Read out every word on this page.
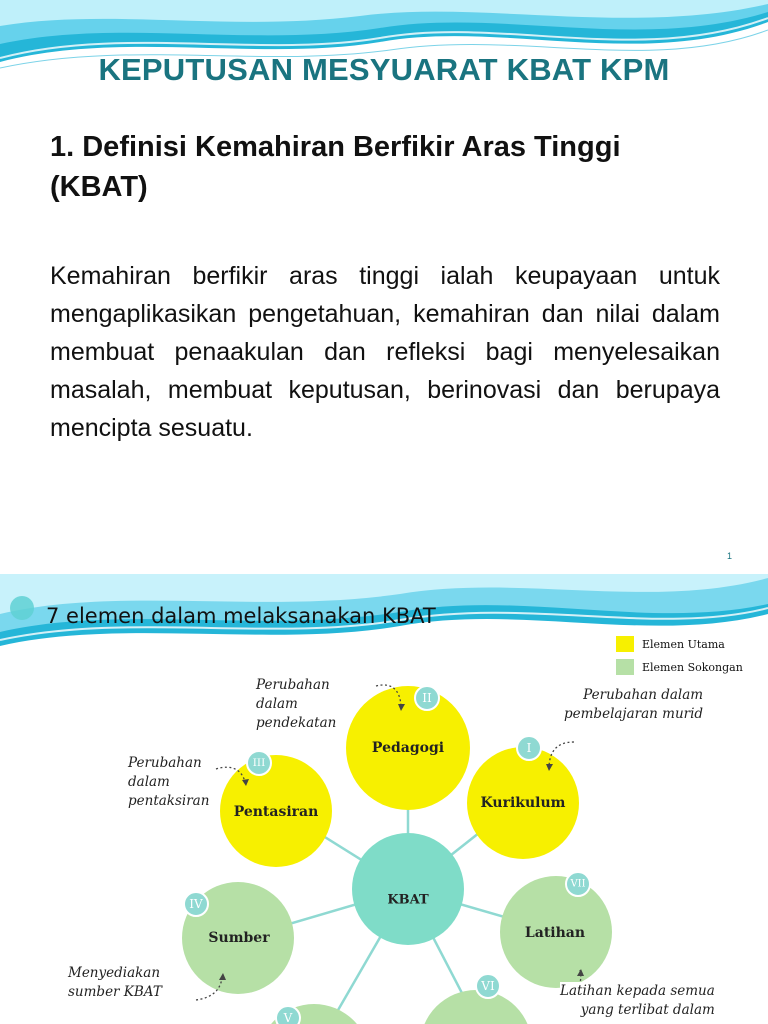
KEPUTUSAN MESYUARAT KBAT KPM
1. Definisi Kemahiran Berfikir Aras Tinggi
(KBAT)
Kemahiran berfikir aras tinggi ialah keupayaan untuk mengaplikasikan pengetahuan, kemahiran dan nilai dalam membuat penaakulan dan refleksi bagi menyelesaikan masalah, membuat keputusan, berinovasi dan berupaya mencipta sesuatu.
1
7 elemen dalam melaksanakan KBAT
Elemen Utama
Elemen Sokongan
Pedagogi
Kurikulum
Pentasiran
Sumber	Latihan
KBAT
II
I
III
IV
VII
VI
V
Perubahan
dalam
pendekatan
Perubahan dalam
pembelajaran murid
Perubahan
dalam
pentaksiran
Menyediakan
sumber KBAT	Latihan kepada semua
yang terlibat dalam
